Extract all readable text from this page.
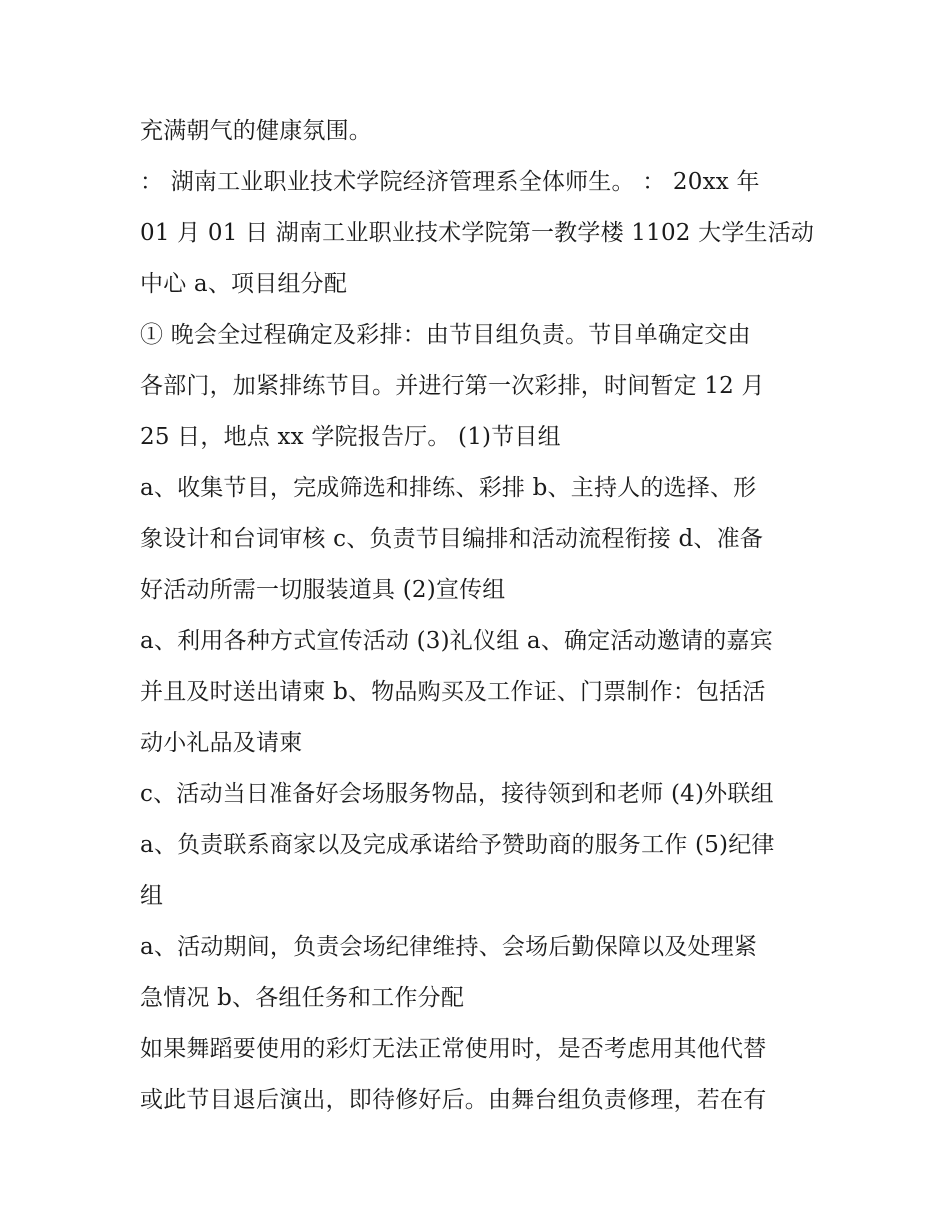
充满朝气的健康氛围。
： 湖南工业职业技术学院经济管理系全体师生。 ： 20xx 年
01 月 01 日 湖南工业职业技术学院第一教学楼 1102 大学生活动
中心 a、项目组分配
① 晚会全过程确定及彩排：由节目组负责。节目单确定交由
各部门，加紧排练节目。并进行第一次彩排，时间暂定 12 月
25 日，地点 xx 学院报告厅。 (1)节目组
a、收集节目，完成筛选和排练、彩排 b、主持人的选择、形
象设计和台词审核 c、负责节目编排和活动流程衔接 d、准备
好活动所需一切服装道具 (2)宣传组
a、利用各种方式宣传活动 (3)礼仪组 a、确定活动邀请的嘉宾
并且及时送出请柬 b、物品购买及工作证、门票制作：包括活
动小礼品及请柬
c、活动当日准备好会场服务物品，接待领到和老师 (4)外联组
a、负责联系商家以及完成承诺给予赞助商的服务工作 (5)纪律
组
a、活动期间，负责会场纪律维持、会场后勤保障以及处理紧
急情况 b、各组任务和工作分配
如果舞蹈要使用的彩灯无法正常使用时，是否考虑用其他代替
或此节目退后演出，即待修好后。由舞台组负责修理，若在有
